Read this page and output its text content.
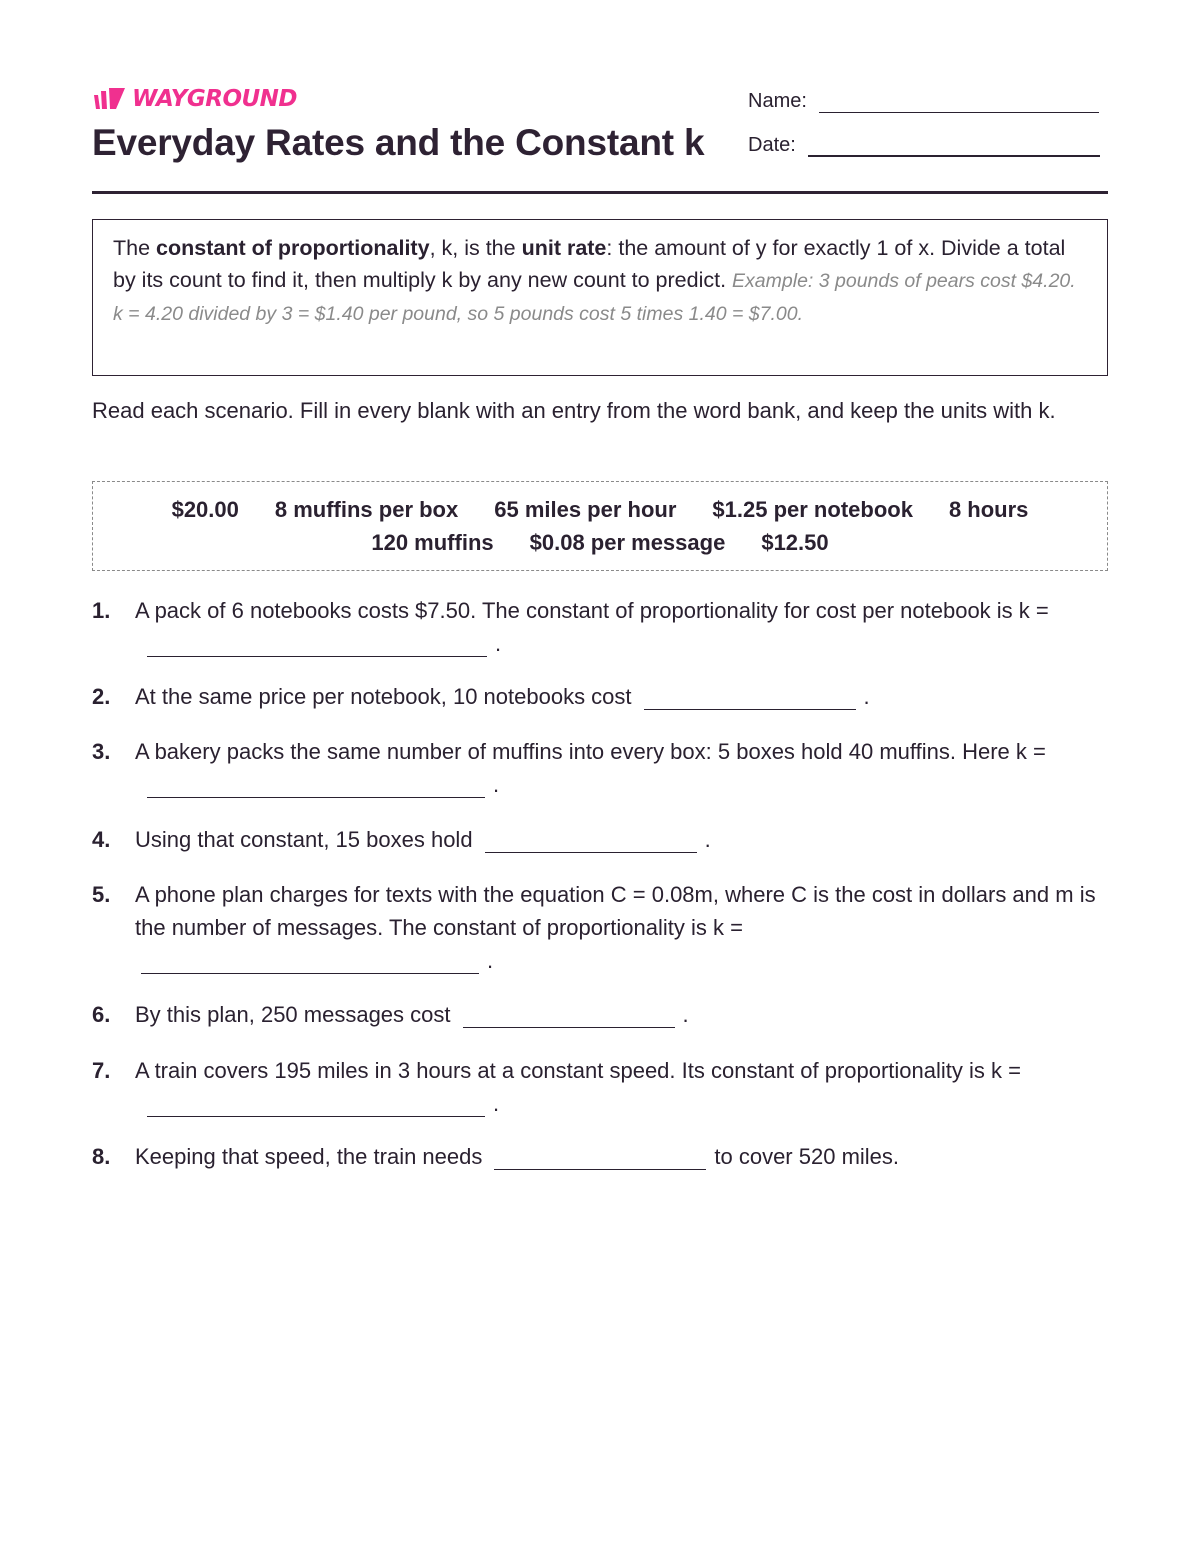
WAYGROUND
Everyday Rates and the Constant k
Name:
Date:
The constant of proportionality, k, is the unit rate: the amount of y for exactly 1 of x. Divide a total by its count to find it, then multiply k by any new count to predict. Example: 3 pounds of pears cost $4.20. k = 4.20 divided by 3 = $1.40 per pound, so 5 pounds cost 5 times 1.40 = $7.00.
Read each scenario. Fill in every blank with an entry from the word bank, and keep the units with k.
$20.00 8 muffins per box 65 miles per hour $1.25 per notebook 8 hours
120 muffins $0.08 per message $12.50
1. A pack of 6 notebooks costs $7.50. The constant of proportionality for cost per notebook is k =.
2. At the same price per notebook, 10 notebooks cost	.
3. A bakery packs the same number of muffins into every box: 5 boxes hold 40 muffins. Here k =.
4. Using that constant, 15 boxes hold	.
5. A phone plan charges for texts with the equation C = 0.08m, where C is the cost in dollars and m is the number of messages. The constant of proportionality is k =
.
6. By this plan, 250 messages cost	.
7. A train covers 195 miles in 3 hours at a constant speed. Its constant of proportionality is k =.
8. Keeping that speed, the train needs	to cover 520 miles.
